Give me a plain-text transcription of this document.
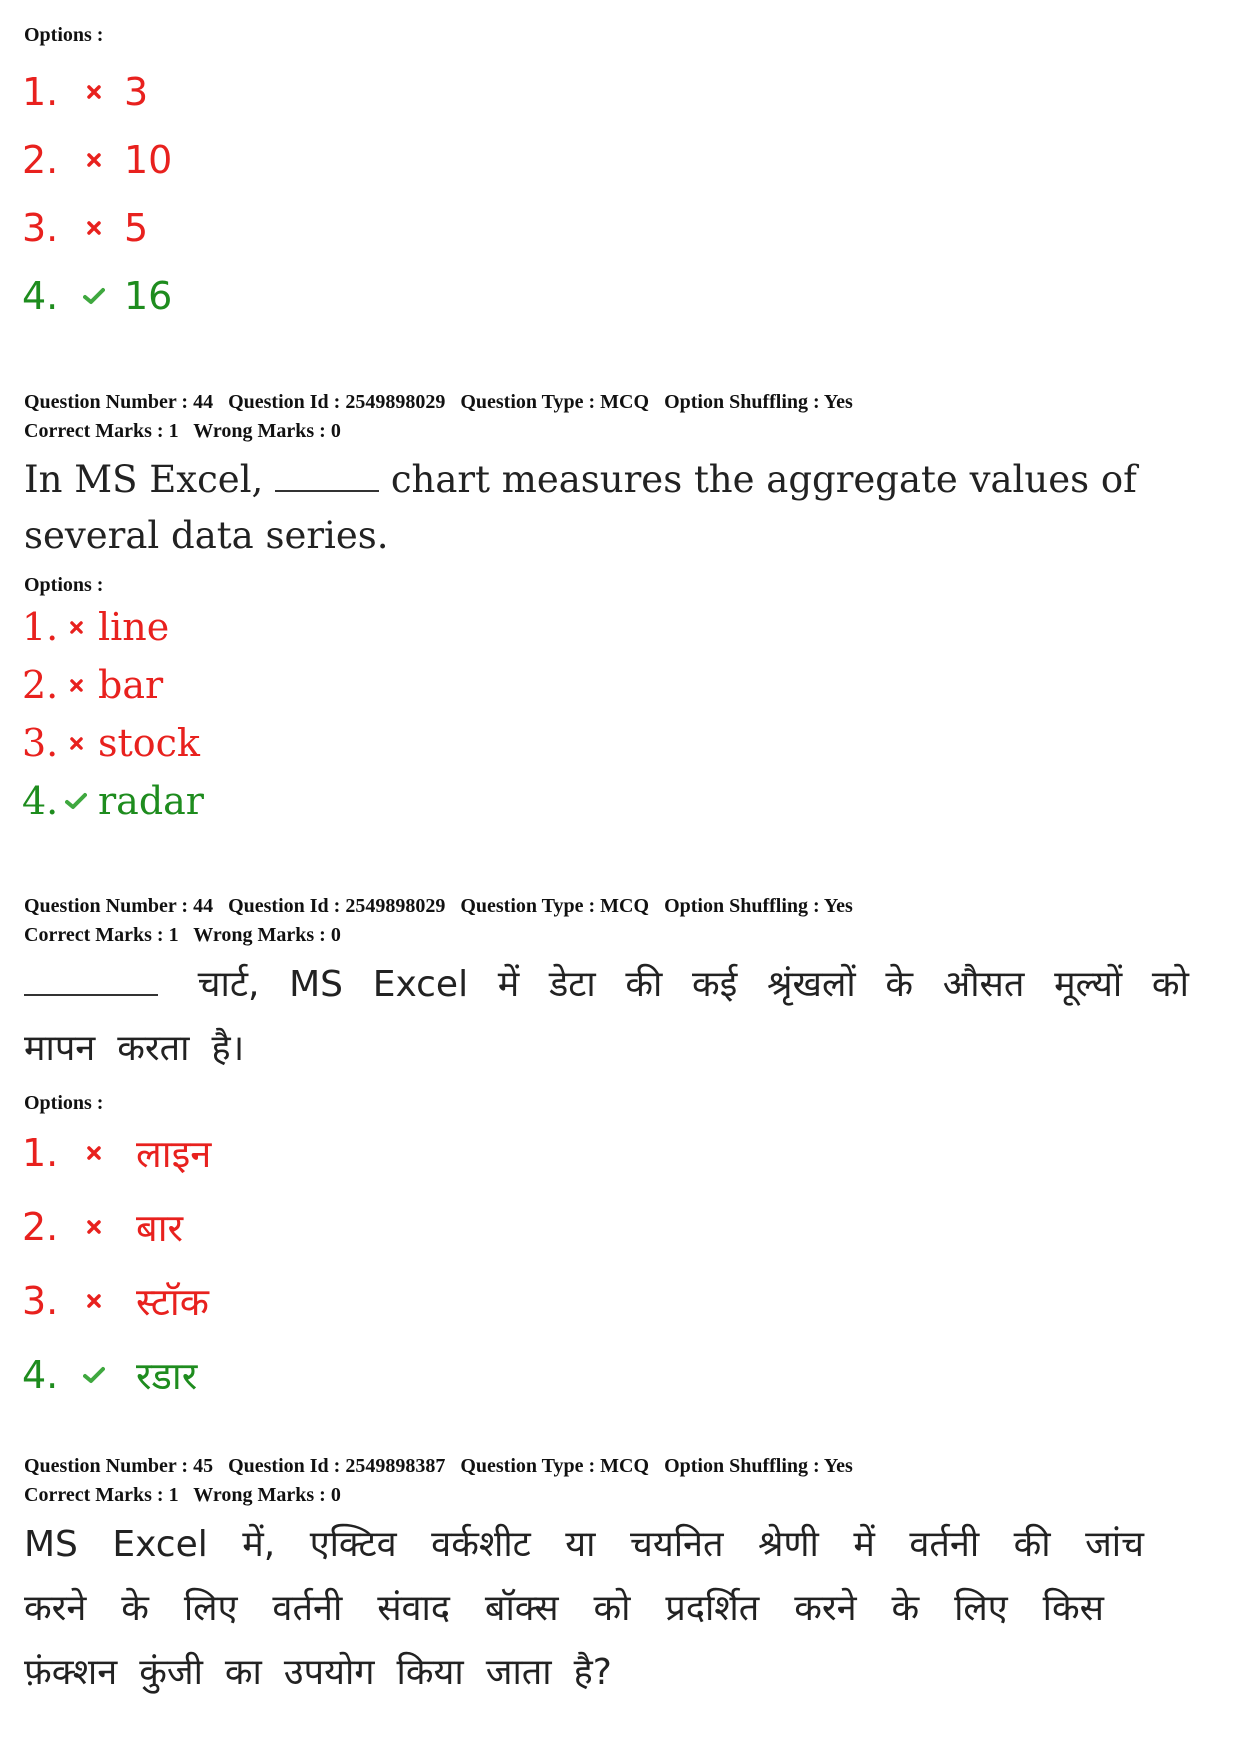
Options :
1.	3
2.	10
3.	5
4.	16
Question Number : 44 Question Id : 2549898029 Question Type : MCQ Option Shuffling : Yes
Correct Marks : 1 Wrong Marks : 0
In MS Excel,	chart measures the aggregate values of
several data series.
Options :
1. line
2. bar
3. stock
4. radar
Question Number : 44 Question Id : 2549898029 Question Type : MCQ Option Shuffling : Yes
Correct Marks : 1 Wrong Marks : 0
चार्ट, MS Excel में डेटा की कई श्रृंखलों के औसत मूल्यों को
मापन करता है।
Options :
1.	लाइन
2.	बार
3.	स्टॉक
4.	रडार
Question Number : 45 Question Id : 2549898387 Question Type : MCQ Option Shuffling : Yes
Correct Marks : 1 Wrong Marks : 0
MS Excel में, एक्टिव वर्कशीट या चयनित श्रेणी में वर्तनी की जांच
करने के लिए वर्तनी संवाद बॉक्स को प्रदर्शित करने के लिए किस
फ़ंक्शन कुंजी का उपयोग किया जाता है?
